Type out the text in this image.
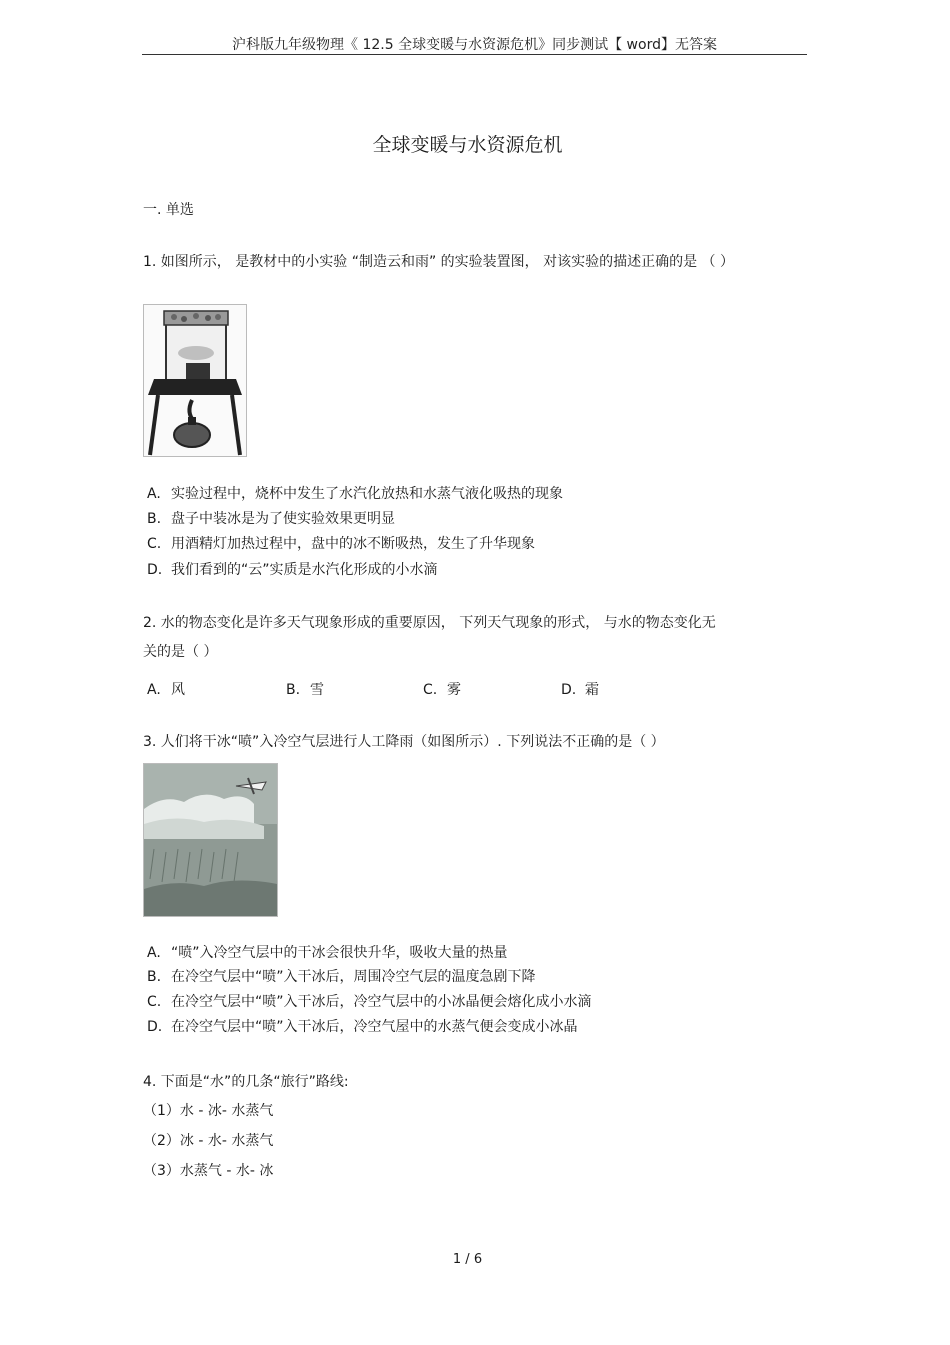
沪科版九年级物理《 12.5 全球变暖与水资源危机》同步测试【 word】无答案
全球变暖与水资源危机
一. 单选
1. 如图所示， 是教材中的小实验 “制造云和雨” 的实验装置图， 对该实验的描述正确的是 （ ）
A. 实验过程中，烧杯中发生了水汽化放热和水蒸气液化吸热的现象
B. 盘子中装冰是为了使实验效果更明显
C. 用酒精灯加热过程中，盘中的冰不断吸热，发生了升华现象
D. 我们看到的“云”实质是水汽化形成的小水滴
2. 水的物态变化是许多天气现象形成的重要原因， 下列天气现象的形式， 与水的物态变化无
关的是（ ）
A. 风	B. 雪	C. 雾	D. 霜
3. 人们将干冰“喷”入冷空气层进行人工降雨（如图所示）. 下列说法不正确的是（ ）
A. “喷”入冷空气层中的干冰会很快升华，吸收大量的热量
B. 在冷空气层中“喷”入干冰后，周围冷空气层的温度急剧下降
C. 在冷空气层中“喷”入干冰后，冷空气层中的小冰晶便会熔化成小水滴
D. 在冷空气层中“喷”入干冰后，冷空气屋中的水蒸气便会变成小冰晶
4. 下面是“水”的几条“旅行”路线:
（1）水 - 冰- 水蒸气
（2）冰 - 水- 水蒸气
（3）水蒸气 - 水- 冰
1 / 6
